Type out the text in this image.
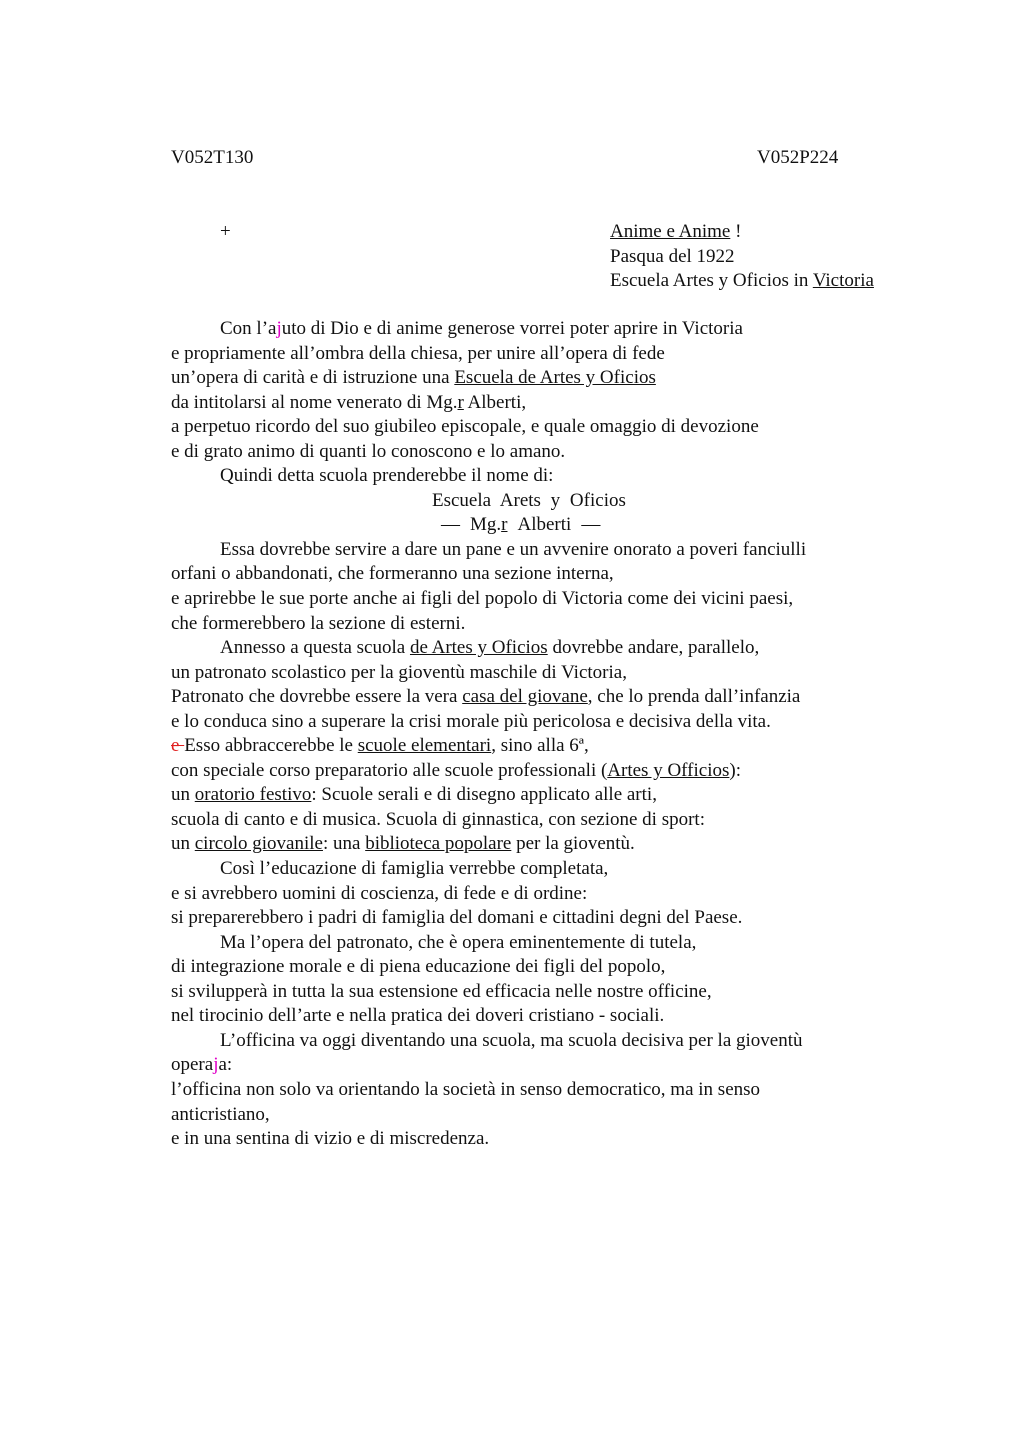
V052T130	V052P224
+	Anime e Anime !
Pasqua del 1922
Escuela Artes y Oficios in Victoria
Con l’ajuto di Dio e di anime generose vorrei poter aprire in Victoria
e propriamente all’ombra della chiesa, per unire all’opera di fede
un’opera di carità e di istruzione una Escuela de Artes y Oficios
da intitolarsi al nome venerato di Mg.r Alberti,
a perpetuo ricordo del suo giubileo episcopale, e quale omaggio di devozione
e di grato animo di quanti lo conoscono e lo amano.
Quindi detta scuola prenderebbe il nome di:
Escuela Arets y Oficios
— Mg.r Alberti —
Essa dovrebbe servire a dare un pane e un avvenire onorato a poveri fanciulli
orfani o abbandonati, che formeranno una sezione interna,
e aprirebbe le sue porte anche ai figli del popolo di Victoria come dei vicini paesi,
che formerebbero la sezione di esterni.
Annesso a questa scuola de Artes y Oficios dovrebbe andare, parallelo,
un patronato scolastico per la gioventù maschile di Victoria,
Patronato che dovrebbe essere la vera casa del giovane, che lo prenda dall’infanzia
e lo conduca sino a superare la crisi morale più pericolosa e decisiva della vita.
e Esso abbraccerebbe le scuole elementari, sino alla 6ª,
con speciale corso preparatorio alle scuole professionali (Artes y Officios):
un oratorio festivo: Scuole serali e di disegno applicato alle arti,
scuola di canto e di musica. Scuola di ginnastica, con sezione di sport:
un circolo giovanile: una biblioteca popolare per la gioventù.
Così l’educazione di famiglia verrebbe completata,
e si avrebbero uomini di coscienza, di fede e di ordine:
si preparerebbero i padri di famiglia del domani e cittadini degni del Paese.
Ma l’opera del patronato, che è opera eminentemente di tutela,
di integrazione morale e di piena educazione dei figli del popolo,
si svilupperà in tutta la sua estensione ed efficacia nelle nostre officine,
nel tirocinio dell’arte e nella pratica dei doveri cristiano - sociali.
L’officina va oggi diventando una scuola, ma scuola decisiva per la gioventù
operaja:
l’officina non solo va orientando la società in senso democratico, ma in senso
anticristiano,
e in una sentina di vizio e di miscredenza.
